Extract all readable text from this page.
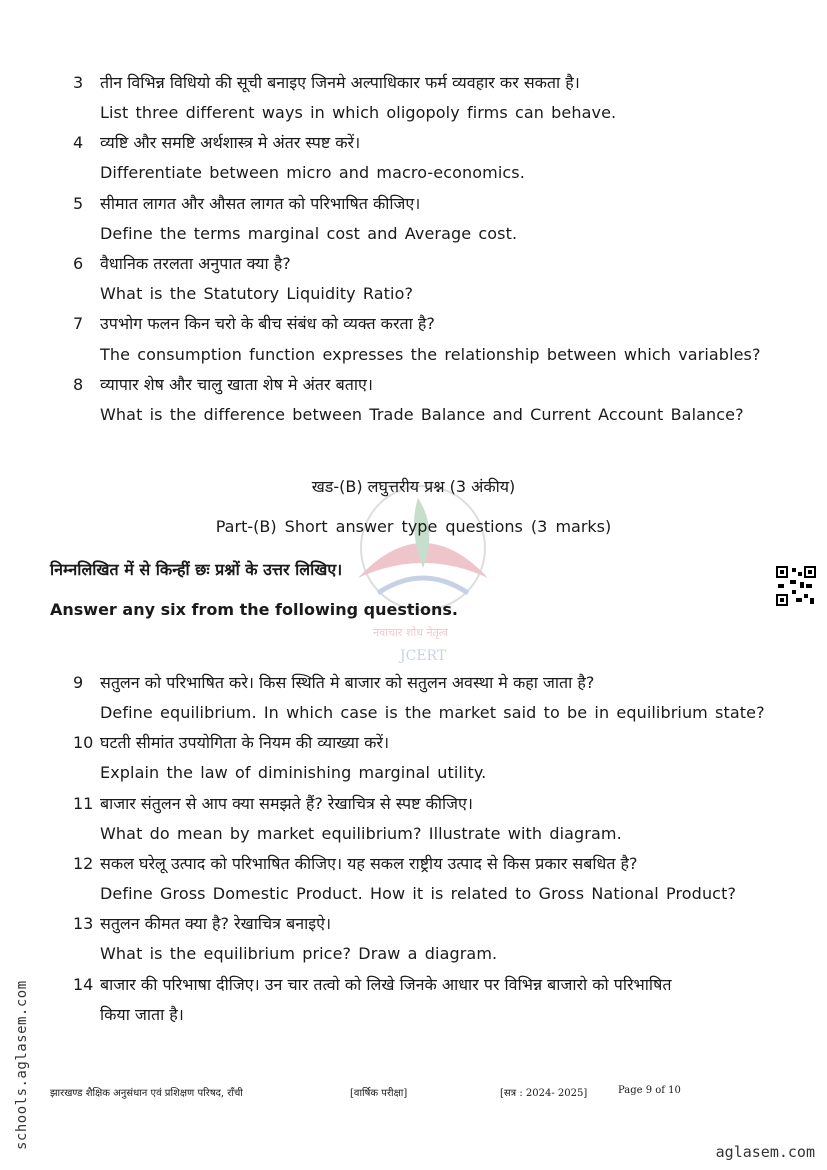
नवाचार शोध नेतृत्व
JCERT
3 तीन विभिन्न विधियो की सूची बनाइए जिनमे अल्पाधिकार फर्म व्यवहार कर सकता है।
List three different ways in which oligopoly firms can behave.
4 व्यष्टि और समष्टि अर्थशास्त्र मे अंतर स्पष्ट करें।
Differentiate between micro and macro-economics.
5 सीमात लागत और औसत लागत को परिभाषित कीजिए।
Define the terms marginal cost and Average cost.
6 वैधानिक तरलता अनुपात क्या है?
What is the Statutory Liquidity Ratio?
7 उपभोग फलन किन चरो के बीच संबंध को व्यक्त करता है?
The consumption function expresses the relationship between which variables?
8 व्यापार शेष और चालु खाता शेष मे अंतर बताए।
What is the difference between Trade Balance and Current Account Balance?
खड-(B) लघुत्तरीय प्रश्न (3 अंकीय)
Part-(B) Short answer type questions (3 marks)
निम्नलिखित में से किन्हीं छः प्रश्नों के उत्तर लिखिए।
Answer any six from the following questions.
9 सतुलन को परिभाषित करे। किस स्थिति मे बाजार को सतुलन अवस्था मे कहा जाता है?
Define equilibrium. In which case is the market said to be in equilibrium state?
10 घटती सीमांत उपयोगिता के नियम की व्याख्या करें।
Explain the law of diminishing marginal utility.
11 बाजार संतुलन से आप क्या समझते हैं? रेखाचित्र से स्पष्ट कीजिए।
What do mean by market equilibrium? Illustrate with diagram.
12 सकल घरेलू उत्पाद को परिभाषित कीजिए। यह सकल राष्ट्रीय उत्पाद से किस प्रकार सबधित है?
Define Gross Domestic Product. How it is related to Gross National Product?
13 सतुलन कीमत क्या है? रेखाचित्र बनाइऐ।
What is the equilibrium price? Draw a diagram.
14 बाजार की परिभाषा दीजिए। उन चार तत्वो को लिखे जिनके आधार पर विभिन्न बाजारो को परिभाषित
किया जाता है।
झारखण्ड शैक्षिक अनुसंधान एवं प्रशिक्षण परिषद, राँची	[वार्षिक परीक्षा]	[सत्र : 2024- 2025]	Page 9 of 10
schools.aglasem.com
aglasem.com
